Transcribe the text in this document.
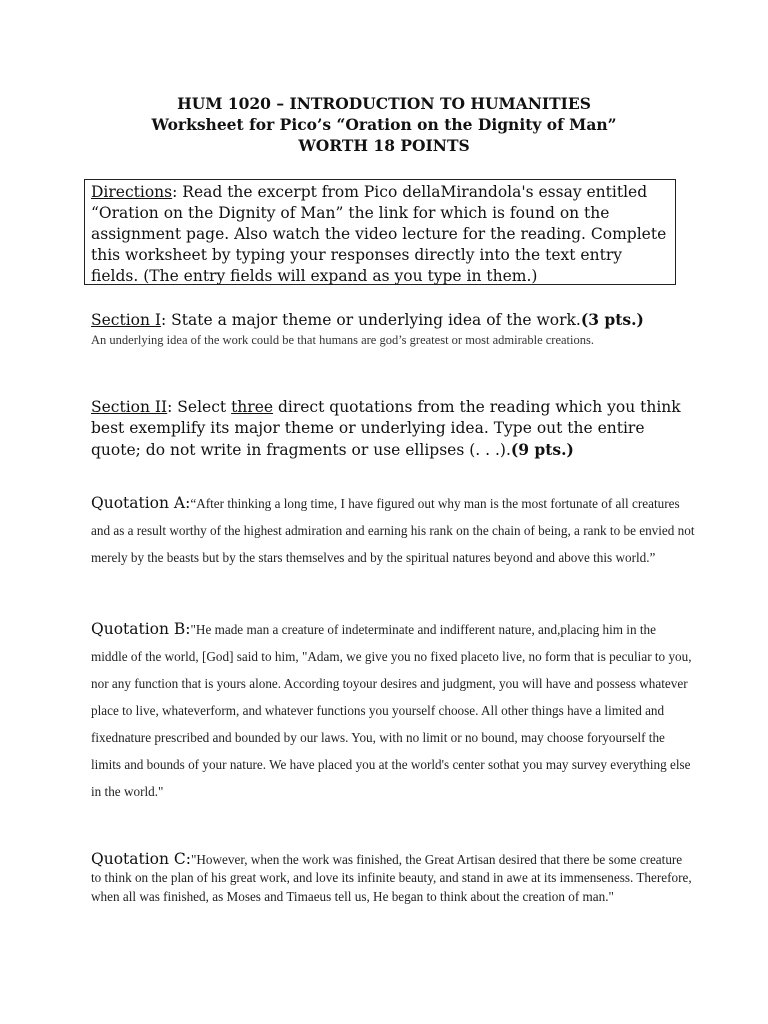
HUM 1020 – INTRODUCTION TO HUMANITIES
Worksheet for Pico’s “Oration on the Dignity of Man”
WORTH 18 POINTS
Directions: Read the excerpt from Pico dellaMirandola's essay entitled “Oration on the Dignity of Man” the link for which is found on the assignment page. Also watch the video lecture for the reading. Complete this worksheet by typing your responses directly into the text entry fields. (The entry fields will expand as you type in them.)
Section I: State a major theme or underlying idea of the work.(3 pts.)
An underlying idea of the work could be that humans are god’s greatest or most admirable creations.
Section II: Select three direct quotations from the reading which you think best exemplify its major theme or underlying idea. Type out the entire quote; do not write in fragments or use ellipses (. . .).(9 pts.)
Quotation A:“After thinking a long time, I have figured out why man is the most fortunate of all creatures and as a result worthy of the highest admiration and earning his rank on the chain of being, a rank to be envied not merely by the beasts but by the stars themselves and by the spiritual natures beyond and above this world.”
Quotation B:"He made man a creature of indeterminate and indifferent nature, and,placing him in the middle of the world, [God] said to him, "Adam, we give you no fixed placeto live, no form that is peculiar to you, nor any function that is yours alone. According toyour desires and judgment, you will have and possess whatever place to live, whateverform, and whatever functions you yourself choose. All other things have a limited and fixednature prescribed and bounded by our laws. You, with no limit or no bound, may choose foryourself the limits and bounds of your nature. We have placed you at the world's center sothat you may survey everything else in the world."
Quotation C:"However, when the work was finished, the Great Artisan desired that there be some creature to think on the plan of his great work, and love its infinite beauty, and stand in awe at its immenseness. Therefore, when all was finished, as Moses and Timaeus tell us, He began to think about the creation of man."
